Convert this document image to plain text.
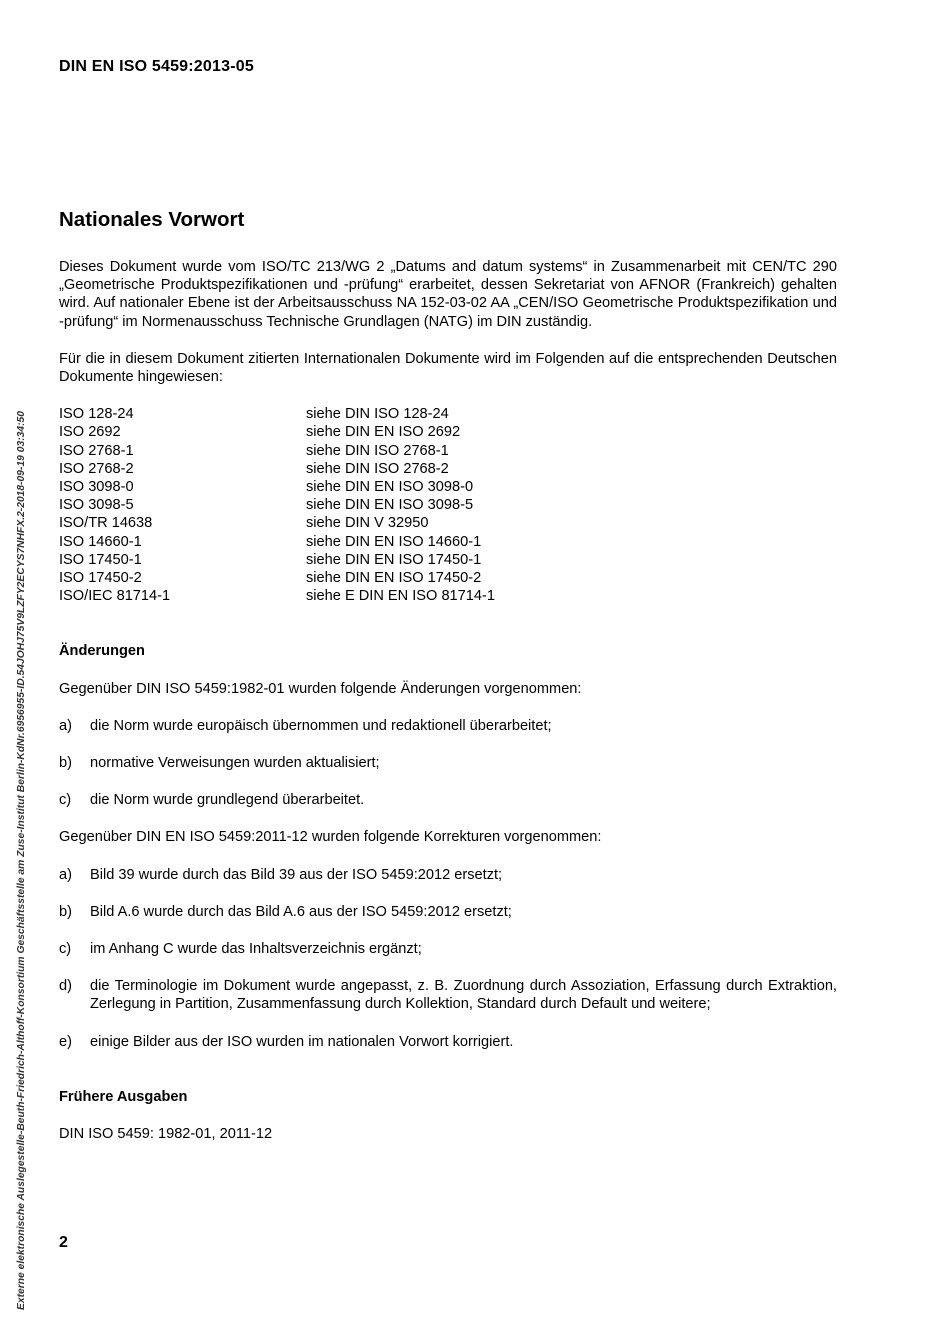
DIN EN ISO 5459:2013-05
Externe elektronische Auslegestelle-Beuth-Friedrich-Althoff-Konsortium Geschäftsstelle am Zuse-Institut Berlin-KdNr.6956955-ID.54JOHJ75V9LZFY2ECYS7NHFX.2-2018-09-19 03:34:50
Nationales Vorwort

Dieses Dokument wurde vom ISO/TC 213/WG 2 „Datums and datum systems“ in Zusammenarbeit mit CEN/TC 290 „Geometrische Produktspezifikationen und -prüfung“ erarbeitet, dessen Sekretariat von AFNOR (Frankreich) gehalten wird. Auf nationaler Ebene ist der Arbeitsausschuss NA 152-03-02 AA „CEN/ISO Geometrische Produktspezifikation und -prüfung“ im Normenausschuss Technische Grundlagen (NATG) im DIN zuständig.

Für die in diesem Dokument zitierten Internationalen Dokumente wird im Folgenden auf die entsprechenden Deutschen Dokumente hingewiesen:

ISO 128-24	siehe DIN ISO 128-24
ISO 2692	siehe DIN EN ISO 2692
ISO 2768-1	siehe DIN ISO 2768-1
ISO 2768-2	siehe DIN ISO 2768-2
ISO 3098-0	siehe DIN EN ISO 3098-0
ISO 3098-5	siehe DIN EN ISO 3098-5
ISO/TR 14638	siehe DIN V 32950
ISO 14660-1	siehe DIN EN ISO 14660-1
ISO 17450-1	siehe DIN EN ISO 17450-1
ISO 17450-2	siehe DIN EN ISO 17450-2
ISO/IEC 81714-1	siehe E DIN EN ISO 81714-1
Änderungen

Gegenüber DIN ISO 5459:1982-01 wurden folgende Änderungen vorgenommen:

a)	die Norm wurde europäisch übernommen und redaktionell überarbeitet;
b)	normative Verweisungen wurden aktualisiert;
c)	die Norm wurde grundlegend überarbeitet.

Gegenüber DIN EN ISO 5459:2011-12 wurden folgende Korrekturen vorgenommen:

a)	Bild 39 wurde durch das Bild 39 aus der ISO 5459:2012 ersetzt;
b)	Bild A.6 wurde durch das Bild A.6 aus der ISO 5459:2012 ersetzt;
c)	im Anhang C wurde das Inhaltsverzeichnis ergänzt;
d)	die Terminologie im Dokument wurde angepasst, z. B. Zuordnung durch Assoziation, Erfassung durch Extraktion, Zerlegung in Partition, Zusammenfassung durch Kollektion, Standard durch Default und weitere;
e)	einige Bilder aus der ISO wurden im nationalen Vorwort korrigiert.
Frühere Ausgaben

DIN ISO 5459: 1982-01, 2011-12

2
